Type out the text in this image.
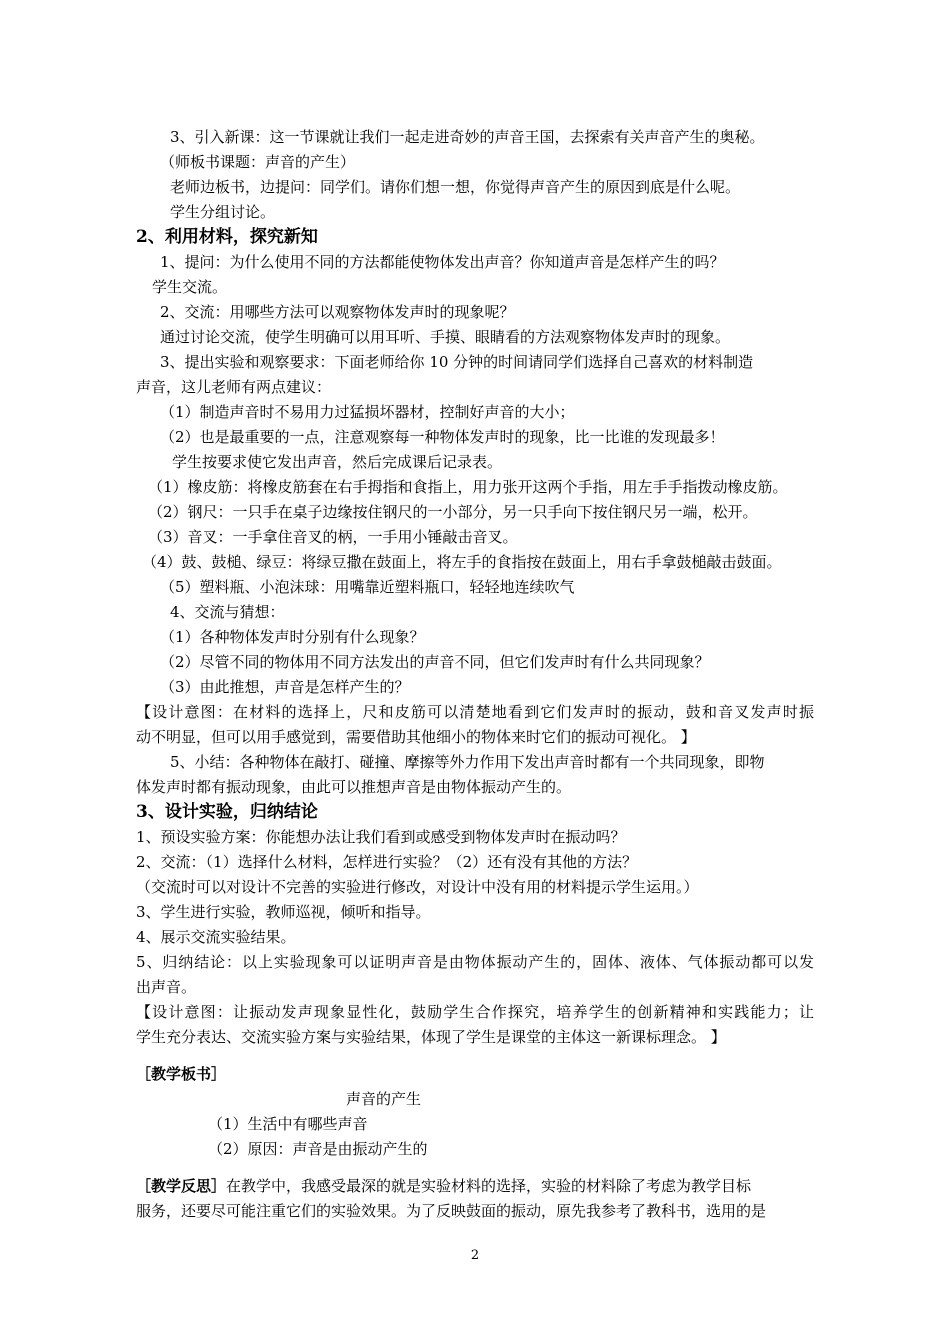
3、引入新课：这一节课就让我们一起走进奇妙的声音王国，去探索有关声音产生的奥秘。
（师板书课题：声音的产生）
老师边板书，边提问：同学们。请你们想一想，你觉得声音产生的原因到底是什么呢。
学生分组讨论。
2、利用材料，探究新知
1、提问：为什么使用不同的方法都能使物体发出声音？你知道声音是怎样产生的吗？
学生交流。
2、交流：用哪些方法可以观察物体发声时的现象呢？
通过讨论交流，使学生明确可以用耳听、手摸、眼睛看的方法观察物体发声时的现象。
3、提出实验和观察要求：下面老师给你 10 分钟的时间请同学们选择自己喜欢的材料制造
声音，这儿老师有两点建议：
（1）制造声音时不易用力过猛损坏器材，控制好声音的大小；
（2）也是最重要的一点，注意观察每一种物体发声时的现象，比一比谁的发现最多！
学生按要求使它发出声音，然后完成课后记录表。
（1）橡皮筋：将橡皮筋套在右手拇指和食指上，用力张开这两个手指，用左手手指拨动橡皮筋。
（2）钢尺：一只手在桌子边缘按住钢尺的一小部分，另一只手向下按住钢尺另一端，松开。
（3）音叉：一手拿住音叉的柄，一手用小锤敲击音叉。
（4）鼓、鼓槌、绿豆：将绿豆撒在鼓面上，将左手的食指按在鼓面上，用右手拿鼓槌敲击鼓面。
（5）塑料瓶、小泡沫球：用嘴靠近塑料瓶口，轻轻地连续吹气
4、交流与猜想：
（1）各种物体发声时分别有什么现象？
（2）尽管不同的物体用不同方法发出的声音不同，但它们发声时有什么共同现象？
（3）由此推想，声音是怎样产生的？
【设计意图：在材料的选择上，尺和皮筋可以清楚地看到它们发声时的振动，鼓和音叉发声时振
动不明显，但可以用手感觉到，需要借助其他细小的物体来时它们的振动可视化。 】
5、小结：各种物体在敲打、碰撞、摩擦等外力作用下发出声音时都有一个共同现象，即物
体发声时都有振动现象，由此可以推想声音是由物体振动产生的。
3、设计实验，归纳结论
1、预设实验方案：你能想办法让我们看到或感受到物体发声时在振动吗？
2、交流：（1）选择什么材料，怎样进行实验？（2）还有没有其他的方法？
（交流时可以对设计不完善的实验进行修改，对设计中没有用的材料提示学生运用。）
3、学生进行实验，教师巡视，倾听和指导。
4、展示交流实验结果。
5、归纳结论：以上实验现象可以证明声音是由物体振动产生的，固体、液体、气体振动都可以发
出声音。
【设计意图：让振动发声现象显性化，鼓励学生合作探究，培养学生的创新精神和实践能力；让
学生充分表达、交流实验方案与实验结果，体现了学生是课堂的主体这一新课标理念。 】
［教学板书］
声音的产生
（1）生活中有哪些声音
（2）原因：声音是由振动产生的
［教学反思］在教学中，我感受最深的就是实验材料的选择，实验的材料除了考虑为教学目标
服务，还要尽可能注重它们的实验效果。为了反映鼓面的振动，原先我参考了教科书，选用的是
2
